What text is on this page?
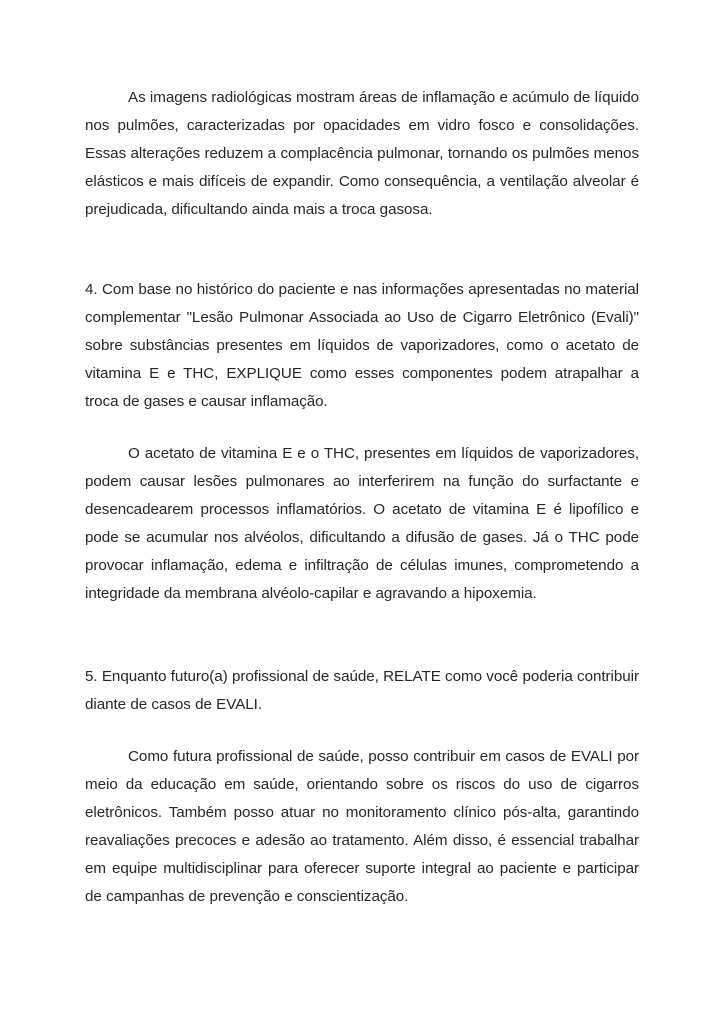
As imagens radiológicas mostram áreas de inflamação e acúmulo de líquido nos pulmões, caracterizadas por opacidades em vidro fosco e consolidações. Essas alterações reduzem a complacência pulmonar, tornando os pulmões menos elásticos e mais difíceis de expandir. Como consequência, a ventilação alveolar é prejudicada, dificultando ainda mais a troca gasosa.

4. Com base no histórico do paciente e nas informações apresentadas no material complementar "Lesão Pulmonar Associada ao Uso de Cigarro Eletrônico (Evali)" sobre substâncias presentes em líquidos de vaporizadores, como o acetato de vitamina E e THC, EXPLIQUE como esses componentes podem atrapalhar a troca de gases e causar inflamação.

O acetato de vitamina E e o THC, presentes em líquidos de vaporizadores, podem causar lesões pulmonares ao interferirem na função do surfactante e desencadearem processos inflamatórios. O acetato de vitamina E é lipofílico e pode se acumular nos alvéolos, dificultando a difusão de gases. Já o THC pode provocar inflamação, edema e infiltração de células imunes, comprometendo a integridade da membrana alvéolo-capilar e agravando a hipoxemia.

5. Enquanto futuro(a) profissional de saúde, RELATE como você poderia contribuir diante de casos de EVALI.

Como futura profissional de saúde, posso contribuir em casos de EVALI por meio da educação em saúde, orientando sobre os riscos do uso de cigarros eletrônicos. Também posso atuar no monitoramento clínico pós-alta, garantindo reavaliações precoces e adesão ao tratamento. Além disso, é essencial trabalhar em equipe multidisciplinar para oferecer suporte integral ao paciente e participar de campanhas de prevenção e conscientização.
